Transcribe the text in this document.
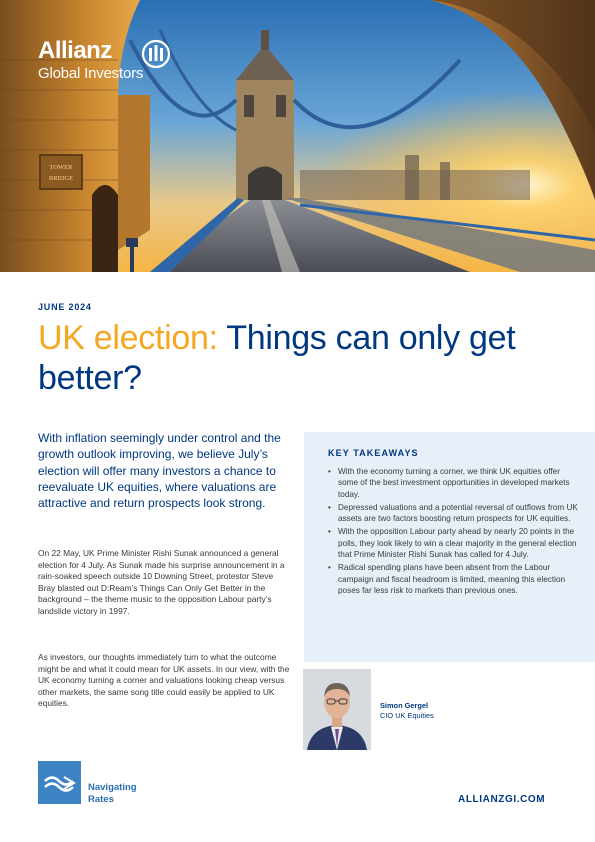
TOWER
BRIDGE
Allianz
Global Investors
JUNE 2024
UK election: Things can only get better?

With inflation seemingly under control and the growth outlook improving, we believe July’s election will offer many investors a chance to reevaluate UK equities, where valuations are attractive and return prospects look strong.

On 22 May, UK Prime Minister Rishi Sunak announced a general election for 4 July. As Sunak made his surprise announcement in a rain-soaked speech outside 10 Downing Street, protestor Steve Bray blasted out D:Ream’s Things Can Only Get Better in the background – the theme music to the opposition Labour party’s landslide victory in 1997.

As investors, our thoughts immediately turn to what the outcome might be and what it could mean for UK assets. In our view, with the UK economy turning a corner and valuations looking cheap versus other markets, the same song title could easily be applied to UK equities.

KEY TAKEAWAYS
• With the economy turning a corner, we think UK equities offer some of the best investment opportunities in developed markets today.
• Depressed valuations and a potential reversal of outflows from UK assets are two factors boosting return prospects for UK equities.
• With the opposition Labour party ahead by nearly 20 points in the polls, they look likely to win a clear majority in the general election that Prime Minister Rishi Sunak has called for 4 July.
• Radical spending plans have been absent from the Labour campaign and fiscal headroom is limited, meaning this election poses far less risk to markets than previous ones.
Simon Gergel
CIO UK Equities
Navigating
Rates	ALLIANZGI.COM
